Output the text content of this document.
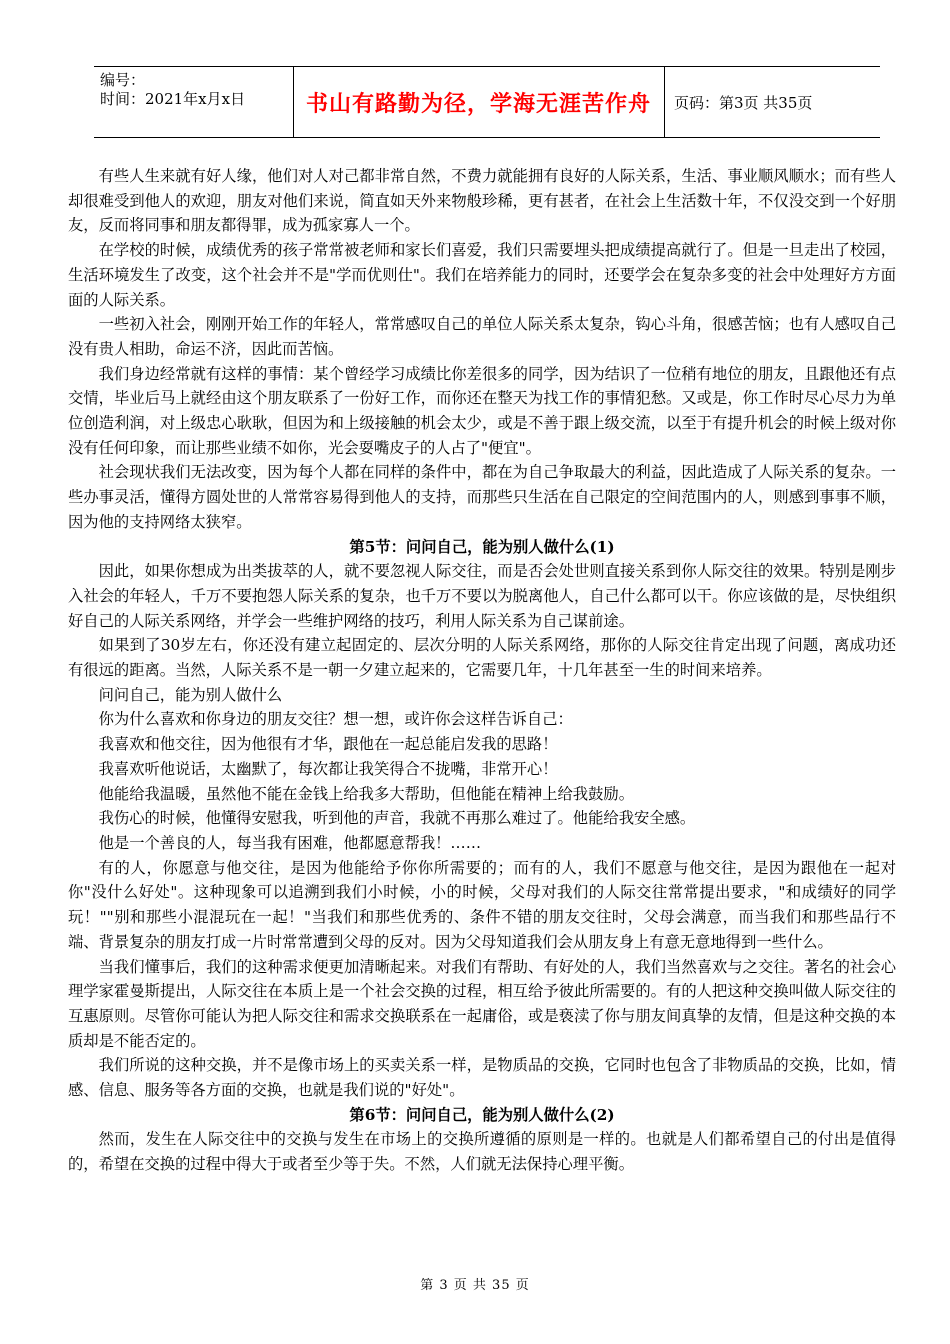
编号：
时间：2021年x月x日	书山有路勤为径，学海无涯苦作舟 页码：第3页 共35页

有些人生来就有好人缘，他们对人对己都非常自然，不费力就能拥有良好的人际关系，生活、事业顺风顺水；而有些人却很难受到他人的欢迎，朋友对他们来说，简直如天外来物般珍稀，更有甚者，在社会上生活数十年，不仅没交到一个好朋友，反而将同事和朋友都得罪，成为孤家寡人一个。

在学校的时候，成绩优秀的孩子常常被老师和家长们喜爱，我们只需要埋头把成绩提高就行了。但是一旦走出了校园，生活环境发生了改变，这个社会并不是"学而优则仕"。我们在培养能力的同时，还要学会在复杂多变的社会中处理好方方面面的人际关系。

一些初入社会，刚刚开始工作的年轻人，常常感叹自己的单位人际关系太复杂，钩心斗角，很感苦恼；也有人感叹自己没有贵人相助，命运不济，因此而苦恼。

我们身边经常就有这样的事情：某个曾经学习成绩比你差很多的同学，因为结识了一位稍有地位的朋友，且跟他还有点交情，毕业后马上就经由这个朋友联系了一份好工作，而你还在整天为找工作的事情犯愁。又或是，你工作时尽心尽力为单位创造利润，对上级忠心耿耿，但因为和上级接触的机会太少，或是不善于跟上级交流，以至于有提升机会的时候上级对你没有任何印象，而让那些业绩不如你，光会耍嘴皮子的人占了"便宜"。

社会现状我们无法改变，因为每个人都在同样的条件中，都在为自己争取最大的利益，因此造成了人际关系的复杂。一些办事灵活，懂得方圆处世的人常常容易得到他人的支持，而那些只生活在自己限定的空间范围内的人，则感到事事不顺，因为他的支持网络太狭窄。

第5节：问问自己，能为别人做什么(1)

因此，如果你想成为出类拔萃的人，就不要忽视人际交往，而是否会处世则直接关系到你人际交往的效果。特别是刚步入社会的年轻人，千万不要抱怨人际关系的复杂，也千万不要以为脱离他人，自己什么都可以干。你应该做的是，尽快组织好自己的人际关系网络，并学会一些维护网络的技巧，利用人际关系为自己谋前途。

如果到了30岁左右，你还没有建立起固定的、层次分明的人际关系网络，那你的人际交往肯定出现了问题，离成功还有很远的距离。当然，人际关系不是一朝一夕建立起来的，它需要几年，十几年甚至一生的时间来培养。

问问自己，能为别人做什么

你为什么喜欢和你身边的朋友交往？想一想，或许你会这样告诉自己：

我喜欢和他交往，因为他很有才华，跟他在一起总能启发我的思路！

我喜欢听他说话，太幽默了，每次都让我笑得合不拢嘴，非常开心！

他能给我温暖，虽然他不能在金钱上给我多大帮助，但他能在精神上给我鼓励。

我伤心的时候，他懂得安慰我，听到他的声音，我就不再那么难过了。他能给我安全感。

他是一个善良的人，每当我有困难，他都愿意帮我！……

有的人，你愿意与他交往，是因为他能给予你你所需要的；而有的人，我们不愿意与他交往，是因为跟他在一起对你"没什么好处"。这种现象可以追溯到我们小时候，小的时候，父母对我们的人际交往常常提出要求，"和成绩好的同学玩！""别和那些小混混玩在一起！"当我们和那些优秀的、条件不错的朋友交往时，父母会满意，而当我们和那些品行不端、背景复杂的朋友打成一片时常常遭到父母的反对。因为父母知道我们会从朋友身上有意无意地得到一些什么。

当我们懂事后，我们的这种需求便更加清晰起来。对我们有帮助、有好处的人，我们当然喜欢与之交往。著名的社会心理学家霍曼斯提出，人际交往在本质上是一个社会交换的过程，相互给予彼此所需要的。有的人把这种交换叫做人际交往的互惠原则。尽管你可能认为把人际交往和需求交换联系在一起庸俗，或是亵渎了你与朋友间真挚的友情，但是这种交换的本质却是不能否定的。

我们所说的这种交换，并不是像市场上的买卖关系一样，是物质品的交换，它同时也包含了非物质品的交换，比如，情感、信息、服务等各方面的交换，也就是我们说的"好处"。

第6节：问问自己，能为别人做什么(2)

然而，发生在人际交往中的交换与发生在市场上的交换所遵循的原则是一样的。也就是人们都希望自己的付出是值得的，希望在交换的过程中得大于或者至少等于失。不然，人们就无法保持心理平衡。

第 3 页 共 35 页
